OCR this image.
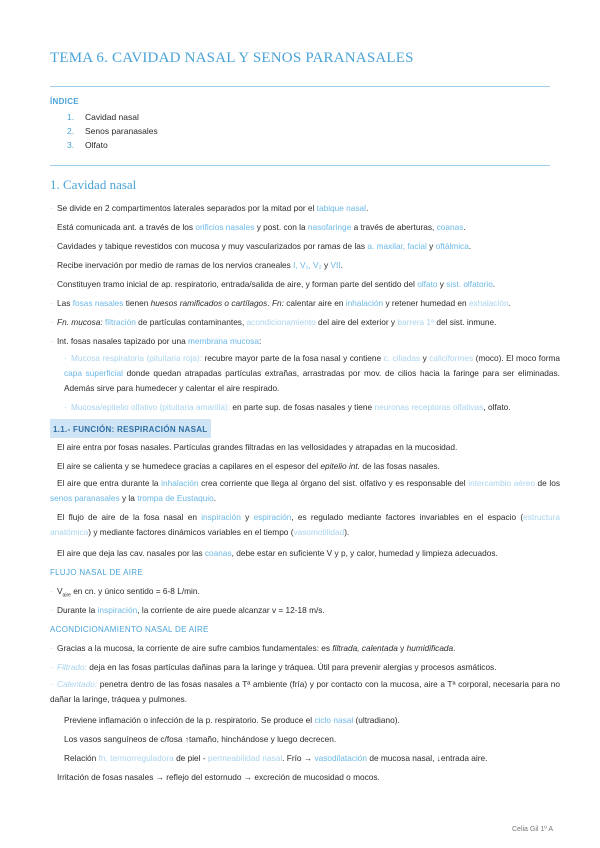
TEMA 6. CAVIDAD NASAL Y SENOS PARANASALES
ÍNDICE
1. Cavidad nasal
2. Senos paranasales
3. Olfato
1. Cavidad nasal
· Se divide en 2 compartimentos laterales separados por la mitad por el tabique nasal.
· Está comunicada ant. a través de los orificios nasales y post. con la nasofaringe a través de aberturas, coanas.
· Cavidades y tabique revestidos con mucosa y muy vascularizados por ramas de las a. maxilar, facial y oftálmica.
· Recibe inervación por medio de ramas de los nervios craneales I, V₁, V₂ y VII.
· Constituyen tramo inicial de ap. respiratorio, entrada/salida de aire, y forman parte del sentido del olfato y sist. olfatorio.
· Las fosas nasales tienen huesos ramificados o cartílagos. Fn: calentar aire en inhalación y retener humedad en exhalación.
· Fn. mucosa: filtración de partículas contaminantes, acondicionamiento del aire del exterior y barrera 1ª del sist. inmune.
· Int. fosas nasales tapizado por una membrana mucosa:
· Mucosa respiratoria (pituitaria roja): recubre mayor parte de la fosa nasal y contiene c. ciliadas y caliciformes (moco). El moco forma capa superficial donde quedan atrapadas partículas extrañas, arrastradas por mov. de cilios hacia la faringe para ser eliminadas. Además sirve para humedecer y calentar el aire respirado.
· Mucosa/epitelio olfativo (pituitaria amarilla): en parte sup. de fosas nasales y tiene neuronas receptoras olfativas, olfato.
1.1.- FUNCIÓN: RESPIRACIÓN NASAL
El aire entra por fosas nasales. Partículas grandes filtradas en las vellosidades y atrapadas en la mucosidad.
El aire se calienta y se humedece gracias a capilares en el espesor del epitelio int. de las fosas nasales.
El aire que entra durante la inhalación crea corriente que llega al órgano del sist. olfativo y es responsable del intercambio aéreo de los senos paranasales y la trompa de Eustaquio.
El flujo de aire de la fosa nasal en inspiración y espiración, es regulado mediante factores invariables en el espacio (estructura anatómica) y mediante factores dinámicos variables en el tiempo (vasomotilidad).
El aire que deja las cav. nasales por las coanas, debe estar en suficiente V y p, y calor, humedad y limpieza adecuados.
FLUJO NASAL DE AIRE
· $V_{aire}$ en cn. y único sentido = 6-8 L/min.
· Durante la inspiración, la corriente de aire puede alcanzar v = 12-18 m/s.
ACONDICIONAMIENTO NASAL DE AIRE
· Gracias a la mucosa, la corriente de aire sufre cambios fundamentales: es filtrada, calentada y humidificada.
· Filtrado: deja en las fosas partículas dañinas para la laringe y tráquea. Útil para prevenir alergias y procesos asmáticos.
· Calentado: penetra dentro de las fosas nasales a Tª ambiente (fría) y por contacto con la mucosa, aire a Tª corporal, necesaria para no dañar la laringe, tráquea y pulmones.
Previene inflamación o infección de la p. respiratorio. Se produce el ciclo nasal (ultradiano).
Los vasos sanguíneos de c/fosa ↑tamaño, hinchándose y luego decrecen.
Relación fn. termorreguladora de piel - permeabilidad nasal. Frío → vasodilatación de mucosa nasal, ↓entrada aire.
Irritación de fosas nasales → reflejo del estornudo → excreción de mucosidad o mocos.
Celia Gil 1º A
